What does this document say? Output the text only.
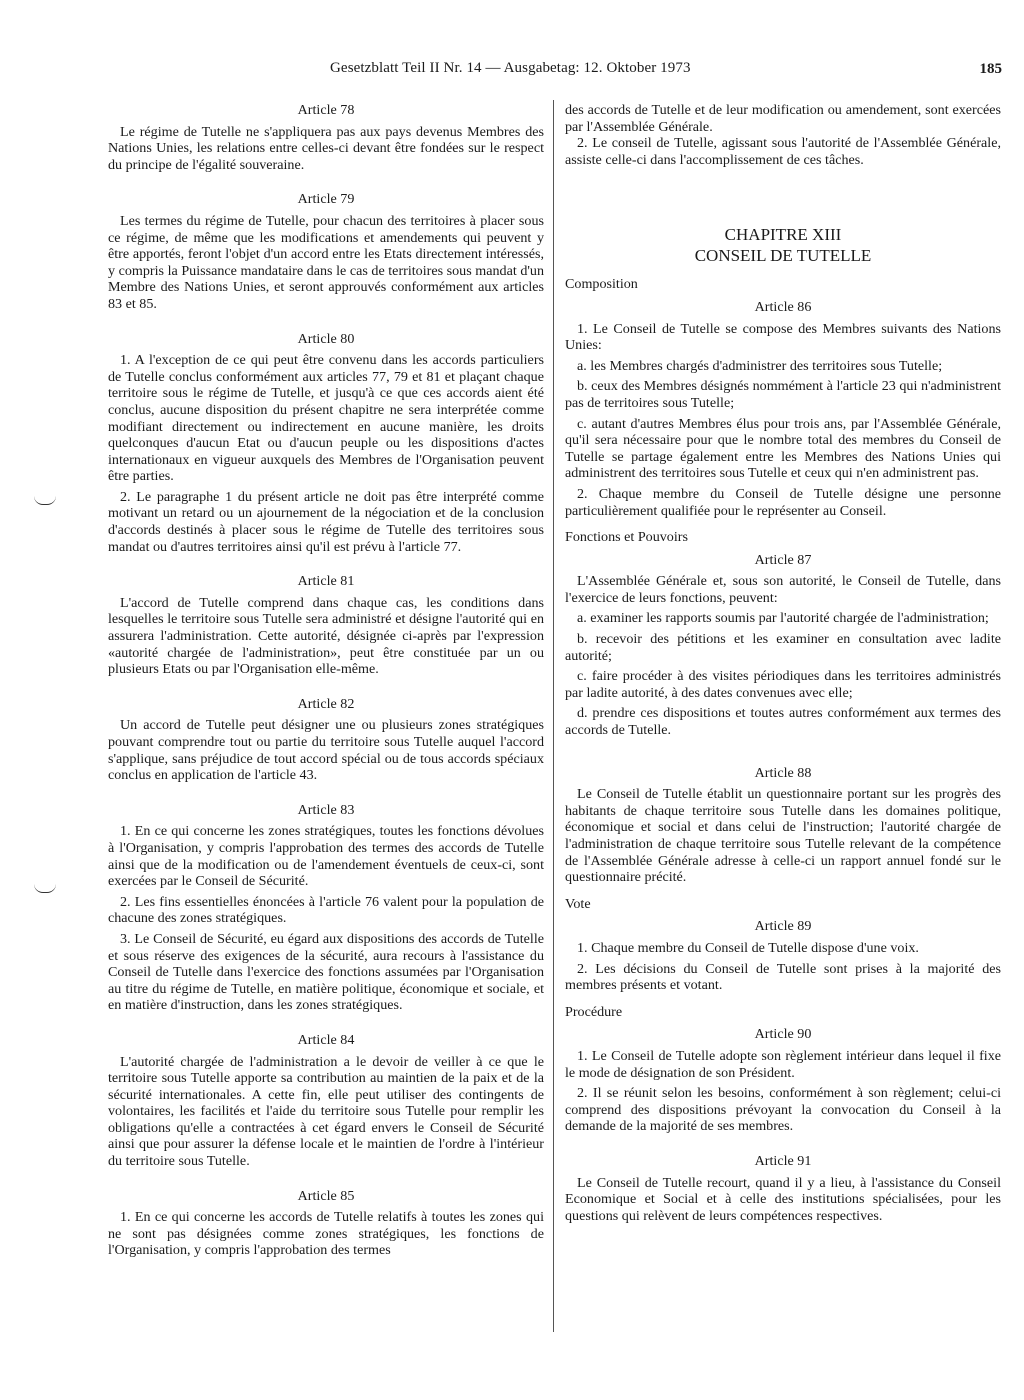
Gesetzblatt Teil II Nr. 14 — Ausgabetag: 12. Oktober 1973	185
Article 78

Le régime de Tutelle ne s'appliquera pas aux pays devenus Membres des Nations Unies, les relations entre celles-ci devant être fondées sur le respect du principe de l'égalité souveraine.

Article 79

Les termes du régime de Tutelle, pour chacun des territoires à placer sous ce régime, de même que les modifications et amendements qui peuvent y être apportés, feront l'objet d'un accord entre les Etats directement intéressés, y compris la Puissance mandataire dans le cas de territoires sous mandat d'un Membre des Nations Unies, et seront approuvés conformément aux articles 83 et 85.

Article 80

1. A l'exception de ce qui peut être convenu dans les accords particuliers de Tutelle conclus conformément aux articles 77, 79 et 81 et plaçant chaque territoire sous le régime de Tutelle, et jusqu'à ce que ces accords aient été conclus, aucune disposition du présent chapitre ne sera interprétée comme modifiant directement ou indirectement en aucune manière, les droits quelconques d'aucun Etat ou d'aucun peuple ou les dispositions d'actes internationaux en vigueur auxquels des Membres de l'Organisation peuvent être parties.

2. Le paragraphe 1 du présent article ne doit pas être interprété comme motivant un retard ou un ajournement de la négociation et de la conclusion d'accords destinés à placer sous le régime de Tutelle des territoires sous mandat ou d'autres territoires ainsi qu'il est prévu à l'article 77.

Article 81

L'accord de Tutelle comprend dans chaque cas, les conditions dans lesquelles le territoire sous Tutelle sera administré et désigne l'autorité qui en assurera l'administration. Cette autorité, désignée ci-après par l'expression «autorité chargée de l'administration», peut être constituée par un ou plusieurs Etats ou par l'Organisation elle-même.

Article 82

Un accord de Tutelle peut désigner une ou plusieurs zones stratégiques pouvant comprendre tout ou partie du territoire sous Tutelle auquel l'accord s'applique, sans préjudice de tout accord spécial ou de tous accords spéciaux conclus en application de l'article 43.

Article 83

1. En ce qui concerne les zones stratégiques, toutes les fonctions dévolues à l'Organisation, y compris l'approbation des termes des accords de Tutelle ainsi que de la modification ou de l'amendement éventuels de ceux-ci, sont exercées par le Conseil de Sécurité.

2. Les fins essentielles énoncées à l'article 76 valent pour la population de chacune des zones stratégiques.

3. Le Conseil de Sécurité, eu égard aux dispositions des accords de Tutelle et sous réserve des exigences de la sécurité, aura recours à l'assistance du Conseil de Tutelle dans l'exercice des fonctions assumées par l'Organisation au titre du régime de Tutelle, en matière politique, économique et sociale, et en matière d'instruction, dans les zones stratégiques.

Article 84

L'autorité chargée de l'administration a le devoir de veiller à ce que le territoire sous Tutelle apporte sa contribution au maintien de la paix et de la sécurité internationales. A cette fin, elle peut utiliser des contingents de volontaires, les facilités et l'aide du territoire sous Tutelle pour remplir les obligations qu'elle a contractées à cet égard envers le Conseil de Sécurité ainsi que pour assurer la défense locale et le maintien de l'ordre à l'intérieur du territoire sous Tutelle.

Article 85

1. En ce qui concerne les accords de Tutelle relatifs à toutes les zones qui ne sont pas désignées comme zones stratégiques, les fonctions de l'Organisation, y compris l'approbation des termes

des accords de Tutelle et de leur modification ou amendement, sont exercées par l'Assemblée Générale.

2. Le conseil de Tutelle, agissant sous l'autorité de l'Assemblée Générale, assiste celle-ci dans l'accomplissement de ces tâches.

CHAPITRE XIII
CONSEIL DE TUTELLE
Composition
Article 86

1. Le Conseil de Tutelle se compose des Membres suivants des Nations Unies:

a. les Membres chargés d'administrer des territoires sous Tutelle;

b. ceux des Membres désignés nommément à l'article 23 qui n'administrent pas de territoires sous Tutelle;

c. autant d'autres Membres élus pour trois ans, par l'Assemblée Générale, qu'il sera nécessaire pour que le nombre total des membres du Conseil de Tutelle se partage également entre les Membres des Nations Unies qui administrent des territoires sous Tutelle et ceux qui n'en administrent pas.

2. Chaque membre du Conseil de Tutelle désigne une personne particulièrement qualifiée pour le représenter au Conseil.

Fonctions et Pouvoirs
Article 87

L'Assemblée Générale et, sous son autorité, le Conseil de Tutelle, dans l'exercice de leurs fonctions, peuvent:

a. examiner les rapports soumis par l'autorité chargée de l'administration;

b. recevoir des pétitions et les examiner en consultation avec ladite autorité;

c. faire procéder à des visites périodiques dans les territoires administrés par ladite autorité, à des dates convenues avec elle;

d. prendre ces dispositions et toutes autres conformément aux termes des accords de Tutelle.

Article 88

Le Conseil de Tutelle établit un questionnaire portant sur les progrès des habitants de chaque territoire sous Tutelle dans les domaines politique, économique et social et dans celui de l'instruction; l'autorité chargée de l'administration de chaque territoire sous Tutelle relevant de la compétence de l'Assemblée Générale adresse à celle-ci un rapport annuel fondé sur le questionnaire précité.

Vote
Article 89

1. Chaque membre du Conseil de Tutelle dispose d'une voix.

2. Les décisions du Conseil de Tutelle sont prises à la majorité des membres présents et votant.

Procédure
Article 90

1. Le Conseil de Tutelle adopte son règlement intérieur dans lequel il fixe le mode de désignation de son Président.

2. Il se réunit selon les besoins, conformément à son règlement; celui-ci comprend des dispositions prévoyant la convocation du Conseil à la demande de la majorité de ses membres.

Article 91

Le Conseil de Tutelle recourt, quand il y a lieu, à l'assistance du Conseil Economique et Social et à celle des institutions spécialisées, pour les questions qui relèvent de leurs compétences respectives.
